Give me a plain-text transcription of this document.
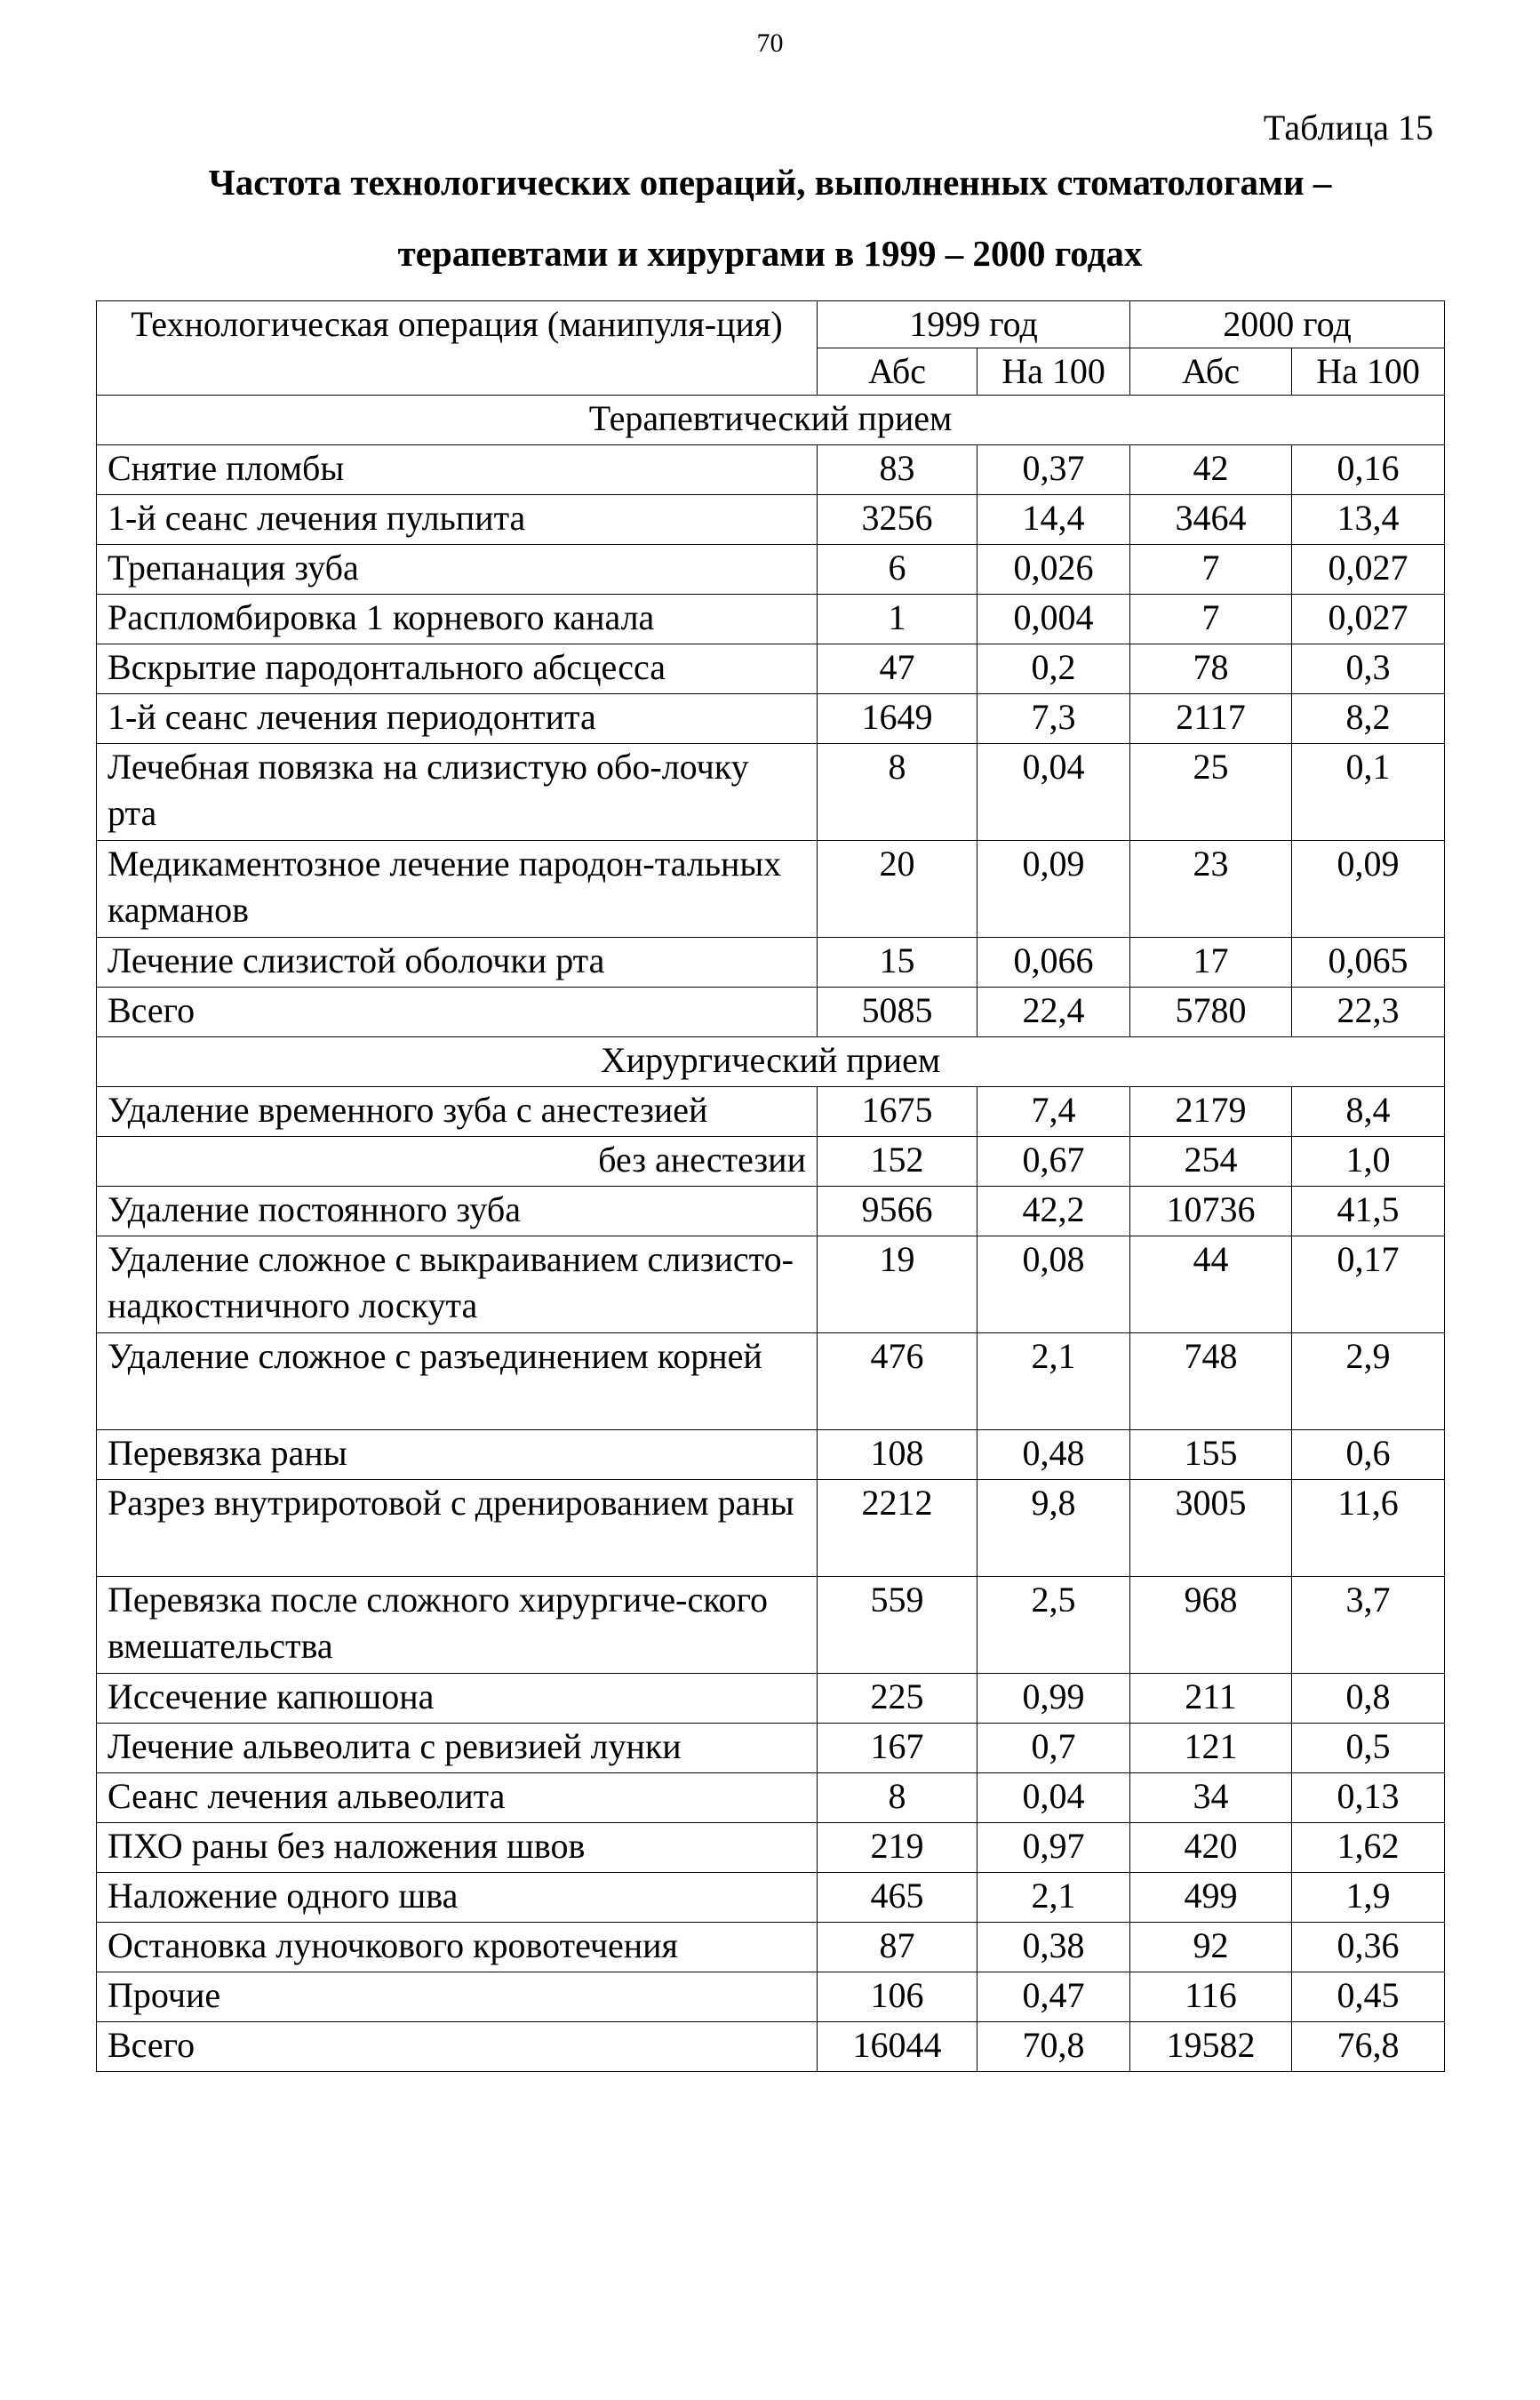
70
Таблица 15
Частота технологических операций, выполненных стоматологами –
терапевтами и хирургами в 1999 – 2000 годах
Технологическая операция (манипуля-ция)	1999 год		2000 год	
	Абс	На 100	Абс	На 100
Терапевтический прием				
Снятие пломбы	83	0,37	42	0,16
1-й сеанс лечения пульпита	3256	14,4	3464	13,4
Трепанация зуба	6	0,026	7	0,027
Распломбировка 1 корневого канала	1	0,004	7	0,027
Вскрытие пародонтального абсцесса	47	0,2	78	0,3
1-й сеанс лечения периодонтита	1649	7,3	2117	8,2
Лечебная повязка на слизистую обо-лочку рта	8	0,04	25	0,1
Медикаментозное лечение пародон-тальных карманов	20	0,09	23	0,09
Лечение слизистой оболочки рта	15	0,066	17	0,065
Всего	5085	22,4	5780	22,3
Хирургический прием				
Удаление временного зуба с анестезией	1675	7,4	2179	8,4
без анестезии	152	0,67	254	1,0
Удаление постоянного зуба	9566	42,2	10736	41,5
Удаление сложное с выкраиванием слизисто-надкостничного лоскута	19	0,08	44	0,17
Удаление сложное с разъединением корней	476	2,1	748	2,9
Перевязка раны	108	0,48	155	0,6
Разрез внутриротовой с дренированием раны	2212	9,8	3005	11,6
Перевязка после сложного хирургиче-ского вмешательства	559	2,5	968	3,7
Иссечение капюшона	225	0,99	211	0,8
Лечение альвеолита с ревизией лунки	167	0,7	121	0,5
Сеанс лечения альвеолита	8	0,04	34	0,13
ПХО раны без наложения швов	219	0,97	420	1,62
Наложение одного шва	465	2,1	499	1,9
Остановка луночкового кровотечения	87	0,38	92	0,36
Прочие	106	0,47	116	0,45
Всего	16044	70,8	19582	76,8
